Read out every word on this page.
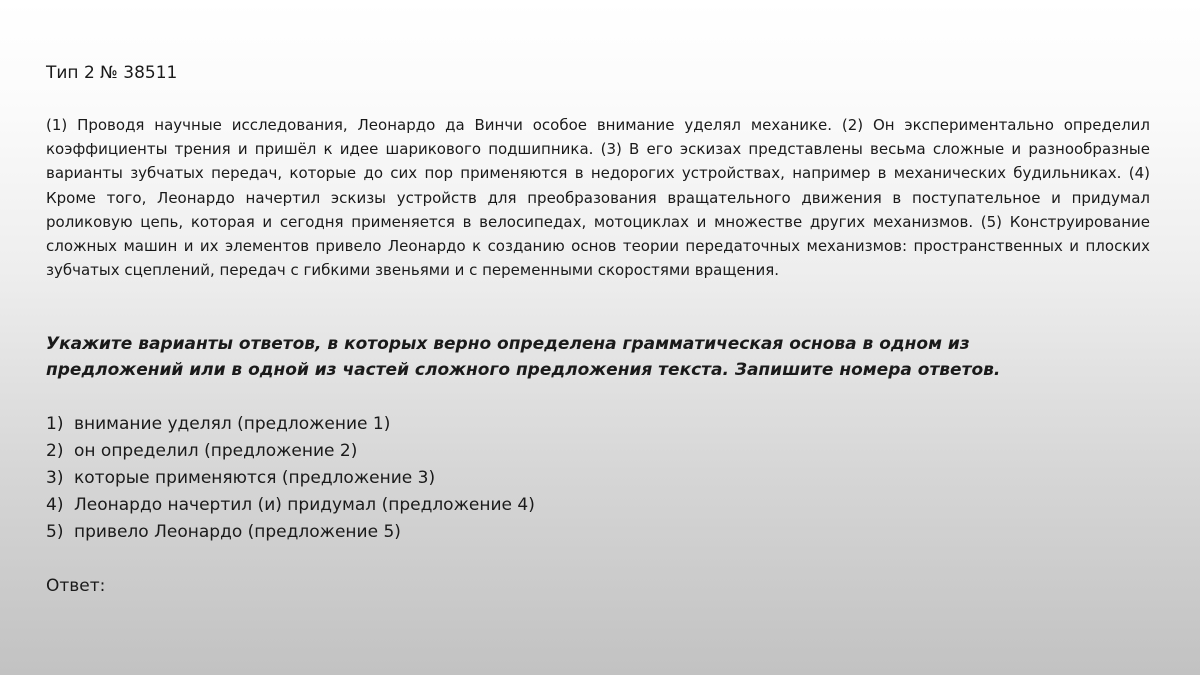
Тип 2 № 38511
(1) Проводя научные исследования, Леонардо да Винчи особое внимание уделял механике. (2) Он экспериментально определил коэффициенты трения и пришёл к идее шарикового подшипника. (3) В его эскизах представлены весьма сложные и разнообразные варианты зубчатых передач, которые до сих пор применяются в недорогих устройствах, например в механических будильниках. (4) Кроме того, Леонардо начертил эскизы устройств для преобразования вращательного движения в поступательное и придумал роликовую цепь, которая и сегодня применяется в велосипедах, мотоциклах и множестве других механизмов. (5) Конструирование сложных машин и их элементов привело Леонардо к созданию основ теории передаточных механизмов: пространственных и плоских зубчатых сцеплений, передач с гибкими звеньями и с переменными скоростями вращения.
Укажите варианты ответов, в которых верно определена грамматическая основа в одном из
предложений или в одной из частей сложного предложения текста. Запишите номера ответов.
1) внимание уделял (предложение 1)
2) он определил (предложение 2)
3) которые применяются (предложение 3)
4) Леонардо начертил (и) придумал (предложение 4)
5) привело Леонардо (предложение 5)
Ответ:
